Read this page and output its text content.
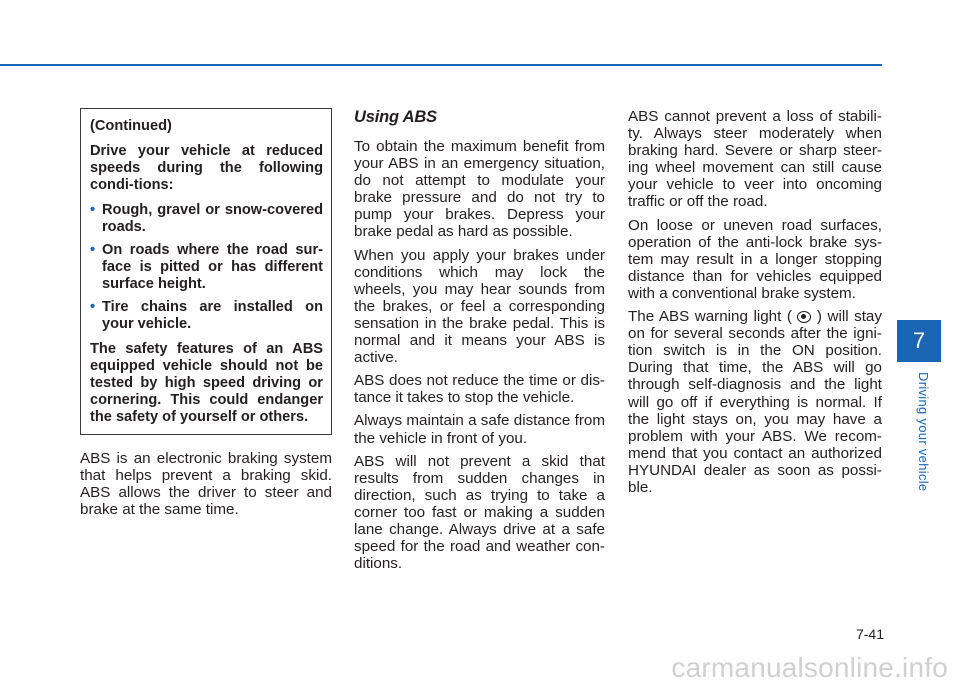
(Continued)

Drive your vehicle at reduced speeds during the following condi-tions:

• Rough, gravel or snow-covered roads.
• On roads where the road sur-face is pitted or has different surface height.
• Tire chains are installed on your vehicle.

The safety features of an ABS equipped vehicle should not be tested by high speed driving or cornering. This could endanger the safety of yourself or others.

ABS is an electronic braking system that helps prevent a braking skid. ABS allows the driver to steer and brake at the same time.

Using ABS

To obtain the maximum benefit from your ABS in an emergency situation, do not attempt to modulate your brake pressure and do not try to pump your brakes. Depress your brake pedal as hard as possible.

When you apply your brakes under conditions which may lock the wheels, you may hear sounds from the brakes, or feel a corresponding sensation in the brake pedal. This is normal and it means your ABS is active.

ABS does not reduce the time or dis-tance it takes to stop the vehicle.

Always maintain a safe distance from the vehicle in front of you.

ABS will not prevent a skid that results from sudden changes in direction, such as trying to take a corner too fast or making a sudden lane change. Always drive at a safe speed for the road and weather con-ditions.

ABS cannot prevent a loss of stabili-ty. Always steer moderately when braking hard. Severe or sharp steer-ing wheel movement can still cause your vehicle to veer into oncoming traffic or off the road.

On loose or uneven road surfaces, operation of the anti-lock brake sys-tem may result in a longer stopping distance than for vehicles equipped with a conventional brake system.

The ABS warning light ( ) will stay on for several seconds after the igni-tion switch is in the ON position. During that time, the ABS will go through self-diagnosis and the light will go off if everything is normal. If the light stays on, you may have a problem with your ABS. We recom-mend that you contact an authorized HYUNDAI dealer as soon as possi-ble.

7
Driving your vehicle
7-41
carmanualsonline.info
